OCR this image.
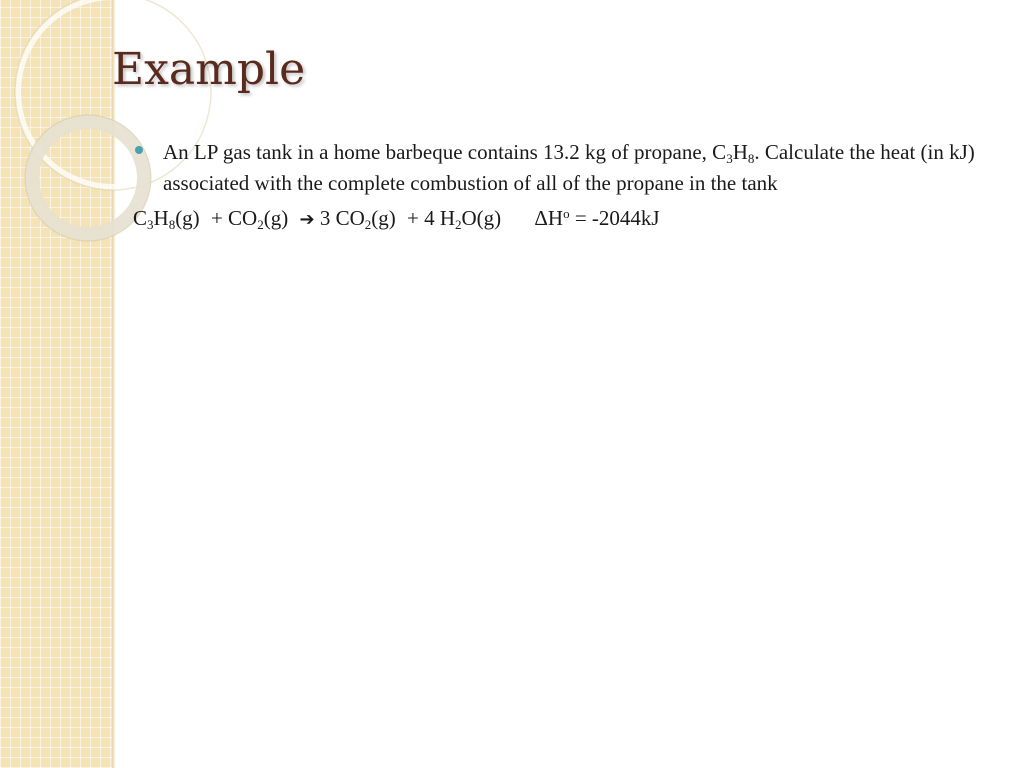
Example
An LP gas tank in a home barbeque contains 13.2 kg of propane, $C_3H_8$. Calculate the heat (in kJ) associated with the complete combustion of all of the propane in the tank
$C_3H_8(g) + CO_2(g)$ ➔ 3 $CO_2(g) + 4$ $H_2O(g) \Delta H^o = -2044kJ$
